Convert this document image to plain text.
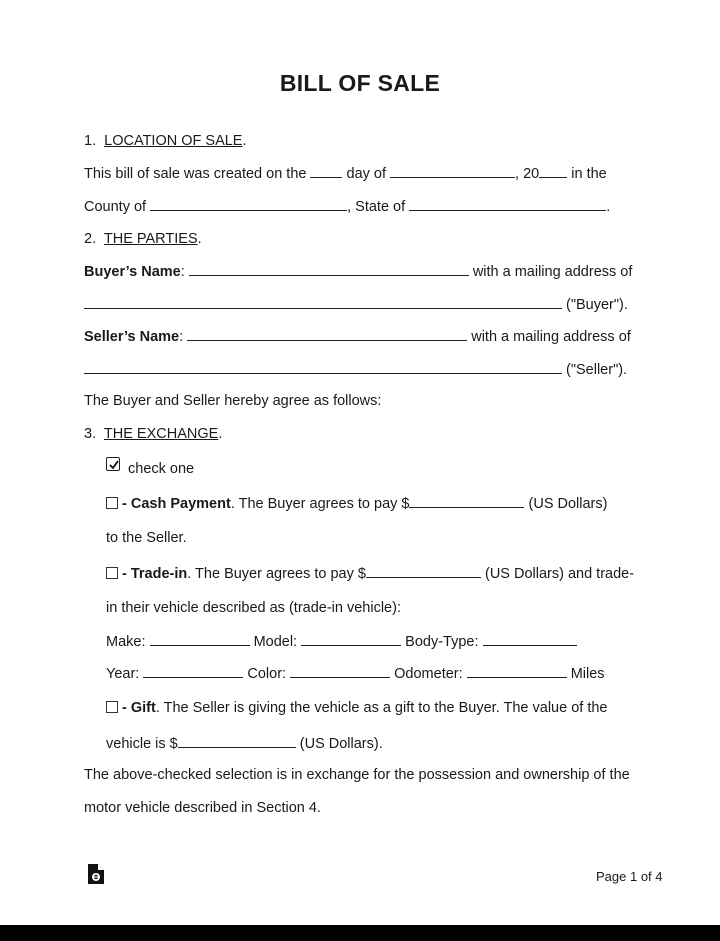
BILL OF SALE
1. LOCATION OF SALE.
This bill of sale was created on the	day of	, 20 in the
County of	, State of	.
2. THE PARTIES.
Buyer’s Name:	with a mailing address of
("Buyer").
Seller’s Name:	with a mailing address of
("Seller").
The Buyer and Seller hereby agree as follows:
3. THE EXCHANGE.
check one
- Cash Payment. The Buyer agrees to pay $	(US Dollars)
to the Seller.
- Trade-in. The Buyer agrees to pay $	(US Dollars) and trade-
in their vehicle described as (trade-in vehicle):
Make:	Model:	Body-Type:
Year:	Color:	Odometer:	Miles
- Gift. The Seller is giving the vehicle as a gift to the Buyer. The value of the
vehicle is $	(US Dollars).
The above-checked selection is in exchange for the possession and ownership of the
motor vehicle described in Section 4.
Page 1 of 4
